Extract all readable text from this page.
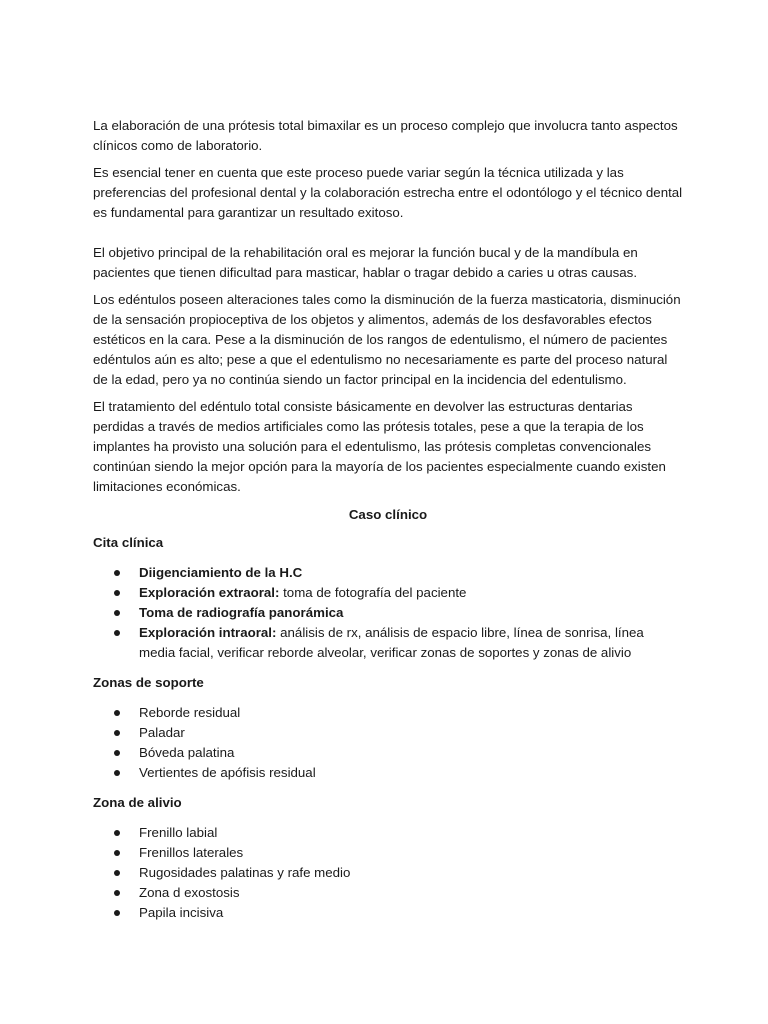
La elaboración de una prótesis total bimaxilar es un proceso complejo que involucra tanto aspectos clínicos como de laboratorio.

Es esencial tener en cuenta que este proceso puede variar según la técnica utilizada y las preferencias del profesional dental y la colaboración estrecha entre el odontólogo y el técnico dental es fundamental para garantizar un resultado exitoso.

El objetivo principal de la rehabilitación oral es mejorar la función bucal y de la mandíbula en pacientes que tienen dificultad para masticar, hablar o tragar debido a caries u otras causas.

Los edéntulos poseen alteraciones tales como la disminución de la fuerza masticatoria, disminución de la sensación propioceptiva de los objetos y alimentos, además de los desfavorables efectos estéticos en la cara. Pese a la disminución de los rangos de edentulismo, el número de pacientes edéntulos aún es alto; pese a que el edentulismo no necesariamente es parte del proceso natural de la edad, pero ya no continúa siendo un factor principal en la incidencia del edentulismo.

El tratamiento del edéntulo total consiste básicamente en devolver las estructuras dentarias perdidas a través de medios artificiales como las prótesis totales, pese a que la terapia de los implantes ha provisto una solución para el edentulismo, las prótesis completas convencionales continúan siendo la mejor opción para la mayoría de los pacientes especialmente cuando existen limitaciones económicas.

Caso clínico

Cita clínica

Diigenciamiento de la H.C
Exploración extraoral: toma de fotografía del paciente
Toma de radiografía panorámica
Exploración intraoral: análisis de rx, análisis de espacio libre, línea de sonrisa, línea media facial, verificar reborde alveolar, verificar zonas de soportes y zonas de alivio

Zonas de soporte

Reborde residual
Paladar
Bóveda palatina
Vertientes de apófisis residual

Zona de alivio

Frenillo labial
Frenillos laterales
Rugosidades palatinas y rafe medio
Zona d exostosis
Papila incisiva
